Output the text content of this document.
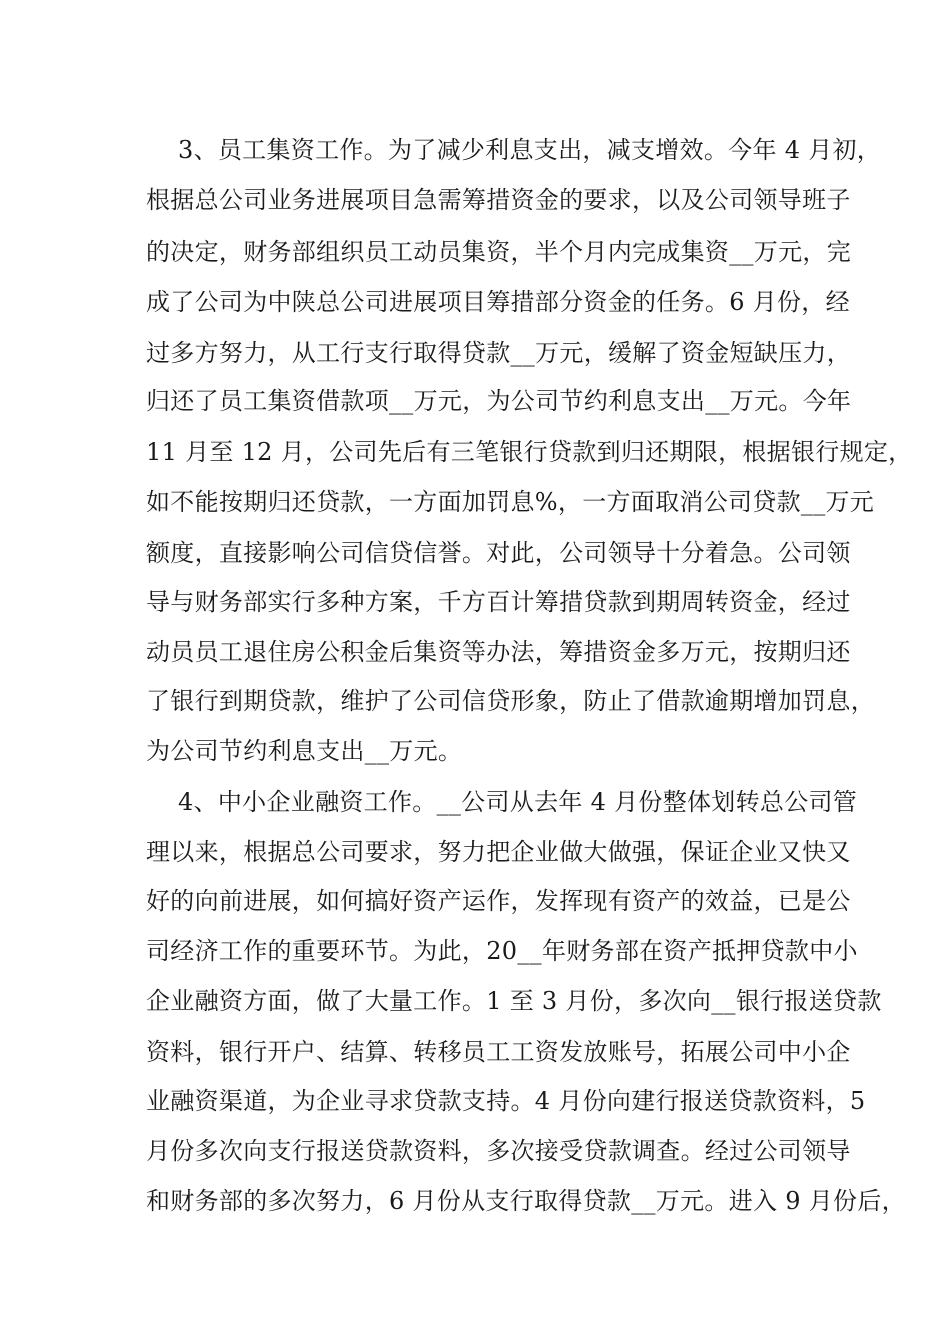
3、员工集资工作。为了减少利息支出，减支增效。今年 4 月初，
根据总公司业务进展项目急需筹措资金的要求，以及公司领导班子
的决定，财务部组织员工动员集资，半个月内完成集资__万元，完
成了公司为中陕总公司进展项目筹措部分资金的任务。6 月份，经
过多方努力，从工行支行取得贷款__万元，缓解了资金短缺压力，
归还了员工集资借款项__万元，为公司节约利息支出__万元。今年
11 月至 12 月，公司先后有三笔银行贷款到归还期限，根据银行规定，
如不能按期归还贷款，一方面加罚息%，一方面取消公司贷款__万元
额度，直接影响公司信贷信誉。对此，公司领导十分着急。公司领
导与财务部实行多种方案，千方百计筹措贷款到期周转资金，经过
动员员工退住房公积金后集资等办法，筹措资金多万元，按期归还
了银行到期贷款，维护了公司信贷形象，防止了借款逾期增加罚息，
为公司节约利息支出__万元。
4、中小企业融资工作。__公司从去年 4 月份整体划转总公司管
理以来，根据总公司要求，努力把企业做大做强，保证企业又快又
好的向前进展，如何搞好资产运作，发挥现有资产的效益，已是公
司经济工作的重要环节。为此，20__年财务部在资产抵押贷款中小
企业融资方面，做了大量工作。1 至 3 月份，多次向__银行报送贷款
资料，银行开户、结算、转移员工工资发放账号，拓展公司中小企
业融资渠道，为企业寻求贷款支持。4 月份向建行报送贷款资料，5
月份多次向支行报送贷款资料，多次接受贷款调查。经过公司领导
和财务部的多次努力，6 月份从支行取得贷款__万元。进入 9 月份后，
